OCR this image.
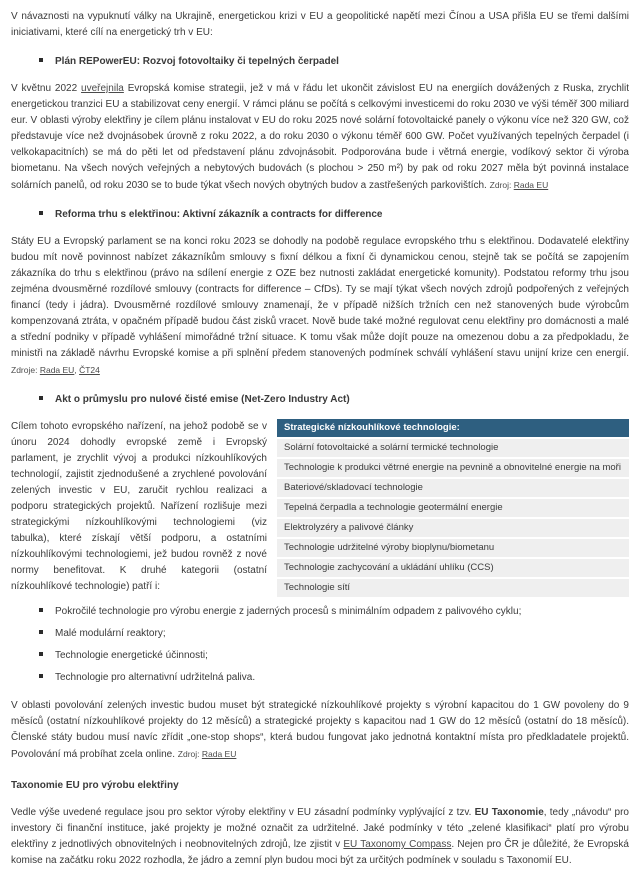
V návaznosti na vypuknutí války na Ukrajině, energetickou krizi v EU a geopolitické napětí mezi Čínou a USA přišla EU se třemi dalšími iniciativami, které cílí na energetický trh v EU:

Plán REPowerEU: Rozvoj fotovoltaiky či tepelných čerpadel

V květnu 2022 uveřejnila Evropská komise strategii, jež v má v řádu let ukončit závislost EU na energiích dovážených z Ruska, zrychlit energetickou tranzici EU a stabilizovat ceny energií. V rámci plánu se počítá s celkovými investicemi do roku 2030 ve výši téměř 300 miliard eur. V oblasti výroby elektřiny je cílem plánu instalovat v EU do roku 2025 nové solární fotovoltaické panely o výkonu více než 320 GW, což představuje více než dvojnásobek úrovně z roku 2022, a do roku 2030 o výkonu téměř 600 GW. Počet využívaných tepelných čerpadel (i velkokapacitních) se má do pěti let od představení plánu zdvojnásobit. Podporována bude i větrná energie, vodíkový sektor či výroba biometanu. Na všech nových veřejných a nebytových budovách (s plochou > 250 m²) by pak od roku 2027 měla být povinná instalace solárních panelů, od roku 2030 se to bude týkat všech nových obytných budov a zastřešených parkovištích. Zdroj: Rada EU

Reforma trhu s elektřinou: Aktivní zákazník a contracts for difference

Státy EU a Evropský parlament se na konci roku 2023 se dohodly na podobě regulace evropského trhu s elektřinou. Dodavatelé elektřiny budou mít nově povinnost nabízet zákazníkům smlouvy s fixní délkou a fixní či dynamickou cenou, stejně tak se počítá se zapojením zákazníka do trhu s elektřinou (právo na sdílení energie z OZE bez nutnosti zakládat energetické komunity). Podstatou reformy trhu jsou zejména dvousměrné rozdílové smlouvy (contracts for difference – CfDs). Ty se mají týkat všech nových zdrojů podpořených z veřejných financí (tedy i jádra). Dvousměrné rozdílové smlouvy znamenají, že v případě nižších tržních cen než stanovených bude výrobcům kompenzovaná ztráta, v opačném případě budou část zisků vracet. Nově bude také možné regulovat cenu elektřiny pro domácnosti a malé a střední podniky v případě vyhlášení mimořádné tržní situace. K tomu však může dojít pouze na omezenou dobu a za předpokladu, že ministři na základě návrhu Evropské komise a při splnění předem stanovených podmínek schválí vyhlášení stavu unijní krize cen energií. Zdroje: Rada EU, ČT24

Akt o průmyslu pro nulové čisté emise (Net-Zero Industry Act)
Strategické nízkouhlíkové technologie:
Solární fotovoltaické a solární termické technologie
Technologie k produkci větrné energie na pevnině a obnovitelné energie na moři
Bateriové/skladovací technologie
Tepelná čerpadla a technologie geotermální energie
Elektrolyzéry a palivové články
Technologie udržitelné výroby bioplynu/biometanu
Technologie zachycování a ukládání uhlíku (CCS)
Technologie sítí

Cílem tohoto evropského nařízení, na jehož podobě se v únoru 2024 dohodly evropské země i Evropský parlament, je zrychlit vývoj a produkci nízkouhlíkových technologií, zajistit zjednodušené a zrychlené povolování zelených investic v EU, zaručit rychlou realizaci a podporu strategických projektů. Nařízení rozlišuje mezi strategickými nízkouhlíkovými technologiemi (viz tabulka), které získají větší podporu, a ostatními nízkouhlíkovými technologiemi, jež budou rovněž z nové normy benefitovat. K druhé kategorii (ostatní nízkouhlíkové technologie) patří i:

Pokročilé technologie pro výrobu energie z jaderných procesů s minimálním odpadem z palivového cyklu;
Malé modulární reaktory;
Technologie energetické účinnosti;
Technologie pro alternativní udržitelná paliva.

V oblasti povolování zelených investic budou muset být strategické nízkouhlíkové projekty s výrobní kapacitou do 1 GW povoleny do 9 měsíců (ostatní nízkouhlíkové projekty do 12 měsíců) a strategické projekty s kapacitou nad 1 GW do 12 měsíců (ostatní do 18 měsíců). Členské státy budou musí navíc zřídit „one-stop shops“, která budou fungovat jako jednotná kontaktní místa pro předkladatele projektů. Povolování má probíhat zcela online. Zdroj: Rada EU

Taxonomie EU pro výrobu elektřiny

Vedle výše uvedené regulace jsou pro sektor výroby elektřiny v EU zásadní podmínky vyplývající z tzv. EU Taxonomie, tedy „návodu“ pro investory či finanční instituce, jaké projekty je možné označit za udržitelné. Jaké podmínky v této „zelené klasifikaci“ platí pro výrobu elektřiny z jednotlivých obnovitelných i neobnovitelných zdrojů, lze zjistit v EU Taxonomy Compass. Nejen pro ČR je důležité, že Evropská komise na začátku roku 2022 rozhodla, že jádro a zemní plyn budou moci být za určitých podmínek v souladu s Taxonomií EU.
